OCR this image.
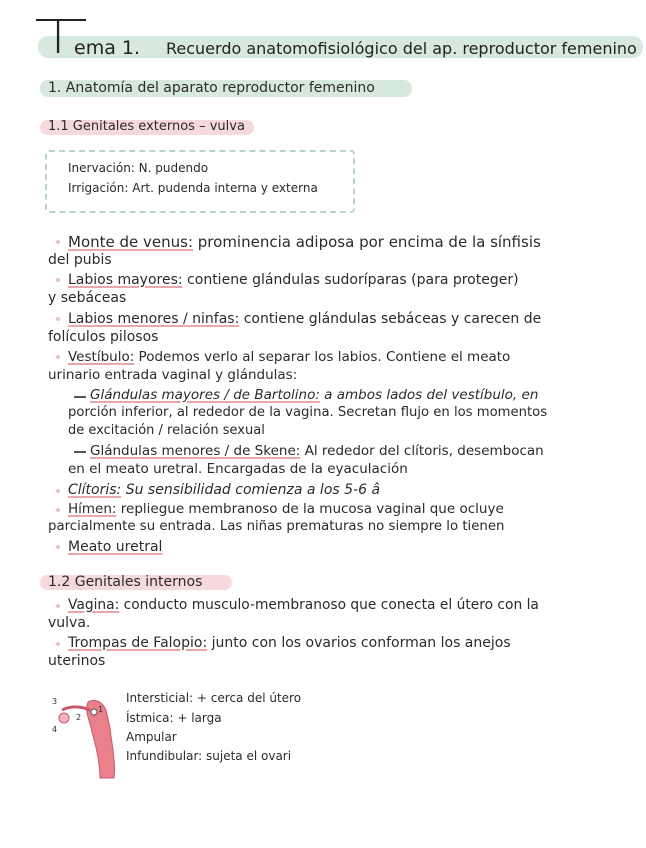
T ema 1. Recuerdo anatomofisiológico del ap. reproductor femenino
1. Anatomía del aparato reproductor femenino
1.1 Genitales externos – vulva
Inervación: N. pudendo
Irrigación: Art. pudenda interna y externa
Monte de venus: prominencia adiposa por encima de la sínfisis
del pubis
Labios mayores: contiene glándulas sudoríparas (para proteger)
y sebáceas
Labios menores / ninfas: contiene glándulas sebáceas y carecen de
folículos pilosos
Vestíbulo: Podemos verlo al separar los labios. Contiene el meato
urinario entrada vaginal y glándulas:
Glándulas mayores / de Bartolino: a ambos lados del vestíbulo, en
porción inferior, al rededor de la vagina. Secretan flujo en los momentos
de excitación / relación sexual
Glándulas menores / de Skene: Al rededor del clítoris, desembocan
en el meato uretral. Encargadas de la eyaculación
Clítoris: Su sensibilidad comienza a los 5-6 â
Hímen: repliegue membranoso de la mucosa vaginal que ocluye
parcialmente su entrada. Las niñas prematuras no siempre lo tienen
Meato uretral
1.2 Genitales internos
Vagina: conducto musculo-membranoso que conecta el útero con la
vulva.
Trompas de Falopio: junto con los ovarios conforman los anejos
uterinos
3
4
2
1
Intersticial: + cerca del útero
Ístmica: + larga
Ampular
Infundibular: sujeta el ovari
